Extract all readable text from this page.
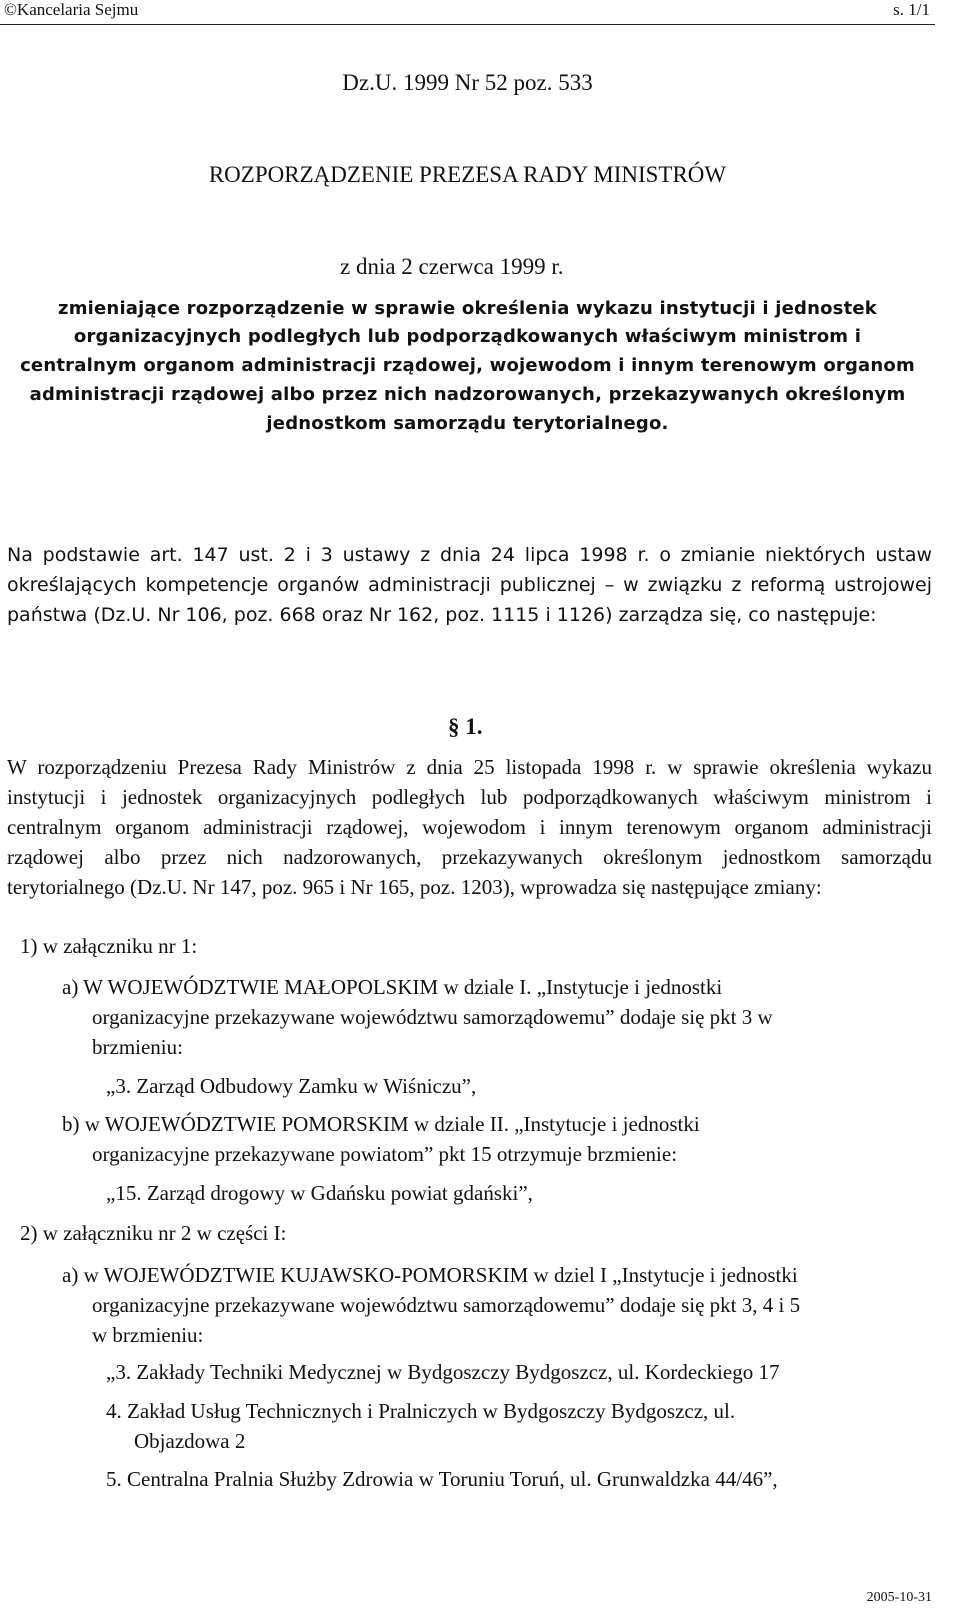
©Kancelaria Sejmu	s. 1/1
Dz.U. 1999 Nr 52 poz. 533
ROZPORZĄDZENIE PREZESA RADY MINISTRÓW
z dnia 2 czerwca 1999 r.
zmieniające rozporządzenie w sprawie określenia wykazu instytucji i jednostek
organizacyjnych podległych lub podporządkowanych właściwym ministrom i
centralnym organom administracji rządowej, wojewodom i innym terenowym organom
administracji rządowej albo przez nich nadzorowanych, przekazywanych określonym
jednostkom samorządu terytorialnego.
Na podstawie art. 147 ust. 2 i 3 ustawy z dnia 24 lipca 1998 r. o zmianie niektórych ustaw określających kompetencje organów administracji publicznej – w związku z reformą ustrojowej państwa (Dz.U. Nr 106, poz. 668 oraz Nr 162, poz. 1115 i 1126) zarządza się, co następuje:
§ 1.
W rozporządzeniu Prezesa Rady Ministrów z dnia 25 listopada 1998 r. w sprawie określenia wykazu instytucji i jednostek organizacyjnych podległych lub podporządkowanych właściwym ministrom i centralnym organom administracji rządowej, wojewodom i innym terenowym organom administracji rządowej albo przez nich nadzorowanych, przekazywanych określonym jednostkom samorządu terytorialnego (Dz.U. Nr 147, poz. 965 i Nr 165, poz. 1203), wprowadza się następujące zmiany:
1) w załączniku nr 1:
a) W WOJEWÓDZTWIE MAŁOPOLSKIM w dziale I. „Instytucje i jednostki
organizacyjne przekazywane województwu samorządowemu” dodaje się pkt 3 w
brzmieniu:
„3. Zarząd Odbudowy Zamku w Wiśniczu”,
b) w WOJEWÓDZTWIE POMORSKIM w dziale II. „Instytucje i jednostki
organizacyjne przekazywane powiatom” pkt 15 otrzymuje brzmienie:
„15. Zarząd drogowy w Gdańsku powiat gdański”,
2) w załączniku nr 2 w części I:
a) w WOJEWÓDZTWIE KUJAWSKO-POMORSKIM w dziel I „Instytucje i jednostki
organizacyjne przekazywane województwu samorządowemu” dodaje się pkt 3, 4 i 5
w brzmieniu:
„3. Zakłady Techniki Medycznej w Bydgoszczy Bydgoszcz, ul. Kordeckiego 17
4. Zakład Usług Technicznych i Pralniczych w Bydgoszczy Bydgoszcz, ul.
Objazdowa 2
5. Centralna Pralnia Służby Zdrowia w Toruniu Toruń, ul. Grunwaldzka 44/46”,
2005-10-31
